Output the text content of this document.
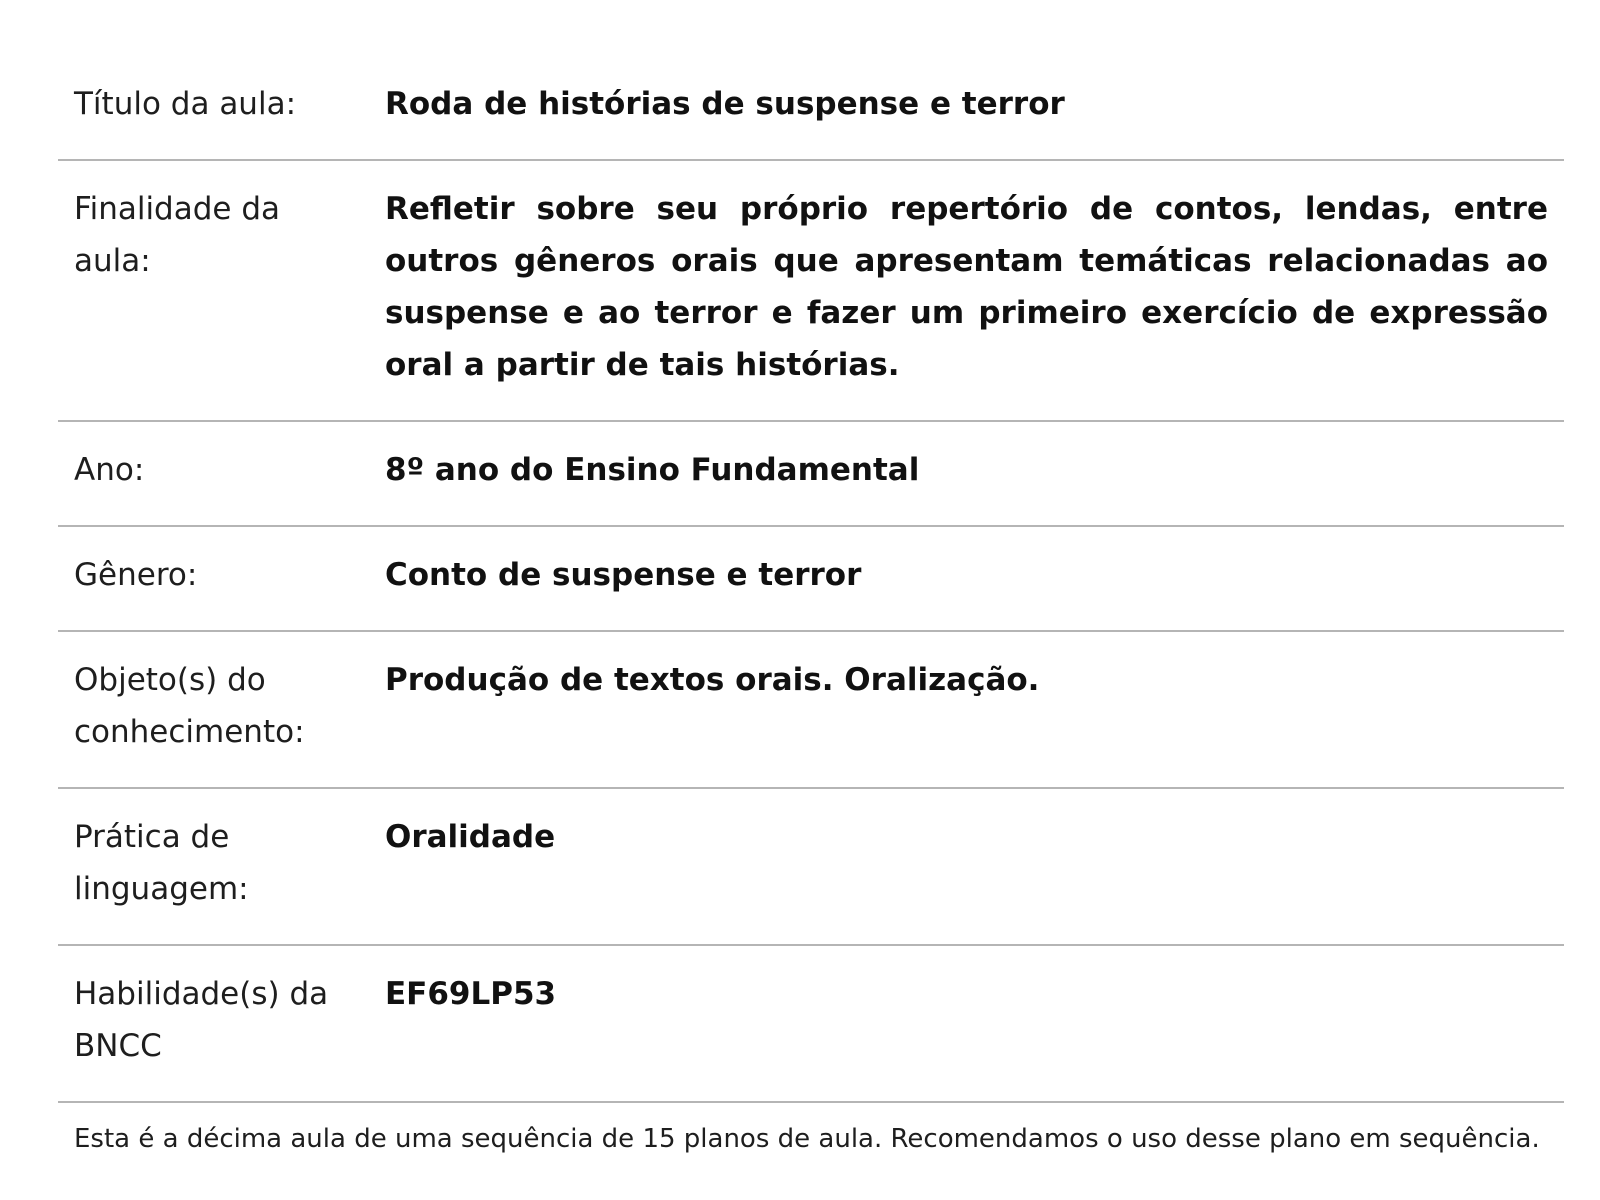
Título da aula:	Roda de histórias de suspense e terror
Finalidade da aula:	Refletir sobre seu próprio repertório de contos, lendas, entre outros gêneros orais que apresentam temáticas relacionadas ao suspense e ao terror e fazer um primeiro exercício de expressão oral a partir de tais histórias.
Ano:	8º ano do Ensino Fundamental
Gênero:	Conto de suspense e terror
Objeto(s) do conhecimento:	Produção de textos orais. Oralização.
Prática de linguagem:	Oralidade
Habilidade(s) da BNCC	EF69LP53
Esta é a décima aula de uma sequência de 15 planos de aula. Recomendamos o uso desse plano em sequência.
